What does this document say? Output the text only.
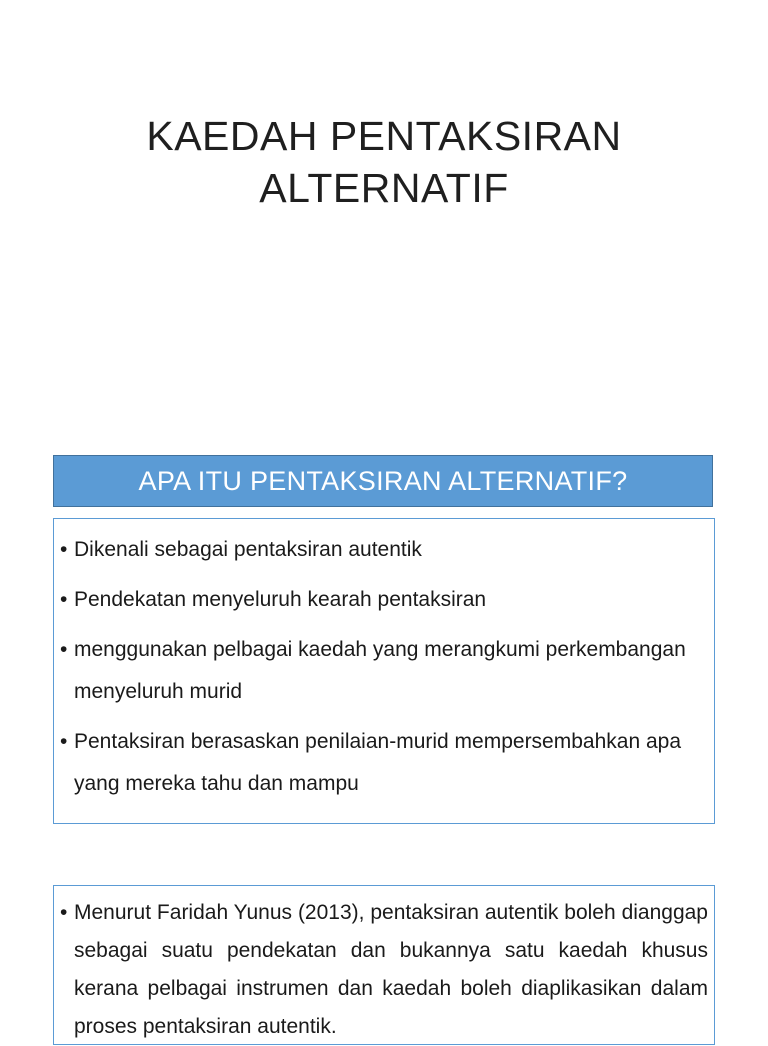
KAEDAH PENTAKSIRAN
ALTERNATIF
APA ITU PENTAKSIRAN ALTERNATIF?
• Dikenali sebagai pentaksiran autentik
• Pendekatan menyeluruh kearah pentaksiran
• menggunakan pelbagai kaedah yang merangkumi perkembangan menyeluruh murid
• Pentaksiran berasaskan penilaian-murid mempersembahkan apa yang mereka tahu dan mampu
• Menurut Faridah Yunus (2013), pentaksiran autentik boleh dianggap sebagai suatu pendekatan dan bukannya satu kaedah khusus kerana pelbagai instrumen dan kaedah boleh diaplikasikan dalam proses pentaksiran autentik.
